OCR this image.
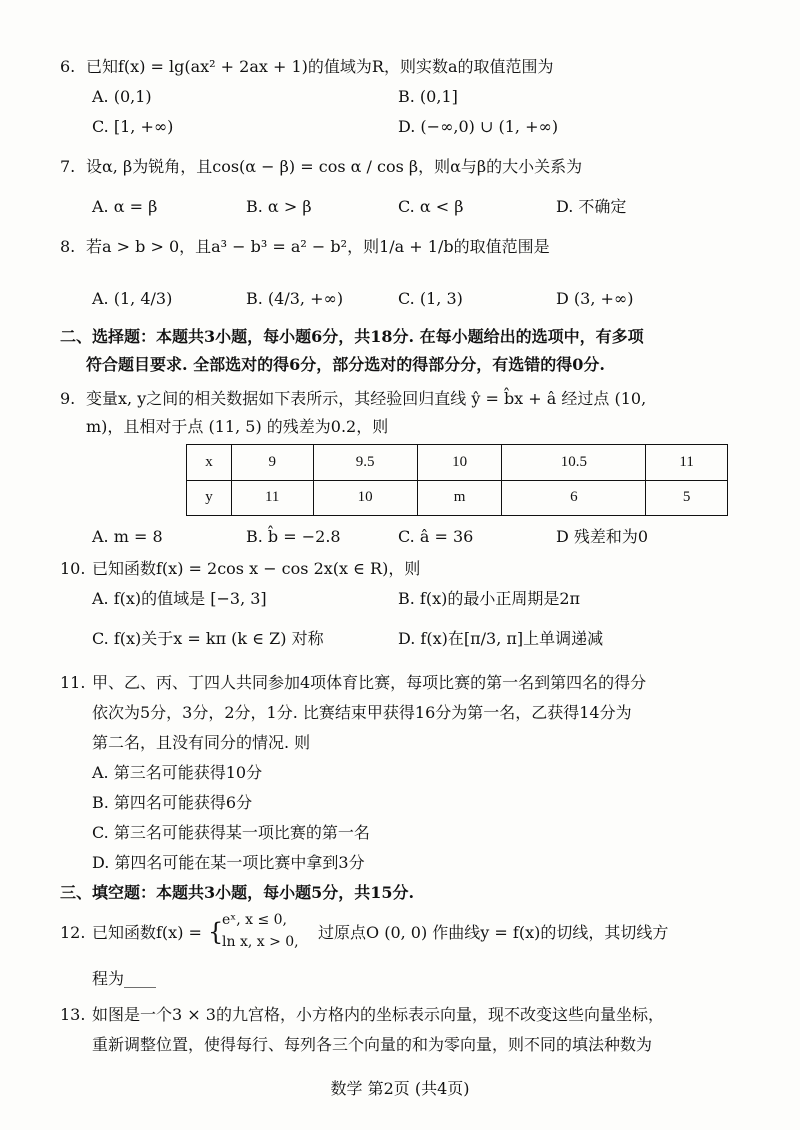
6. 已知f(x) = lg(ax² + 2ax + 1)的值域为R，则实数a的取值范围为
A. (0,1)	B. (0,1]
C. [1, +∞)	D. (−∞,0) ∪ (1, +∞)
7. 设α, β为锐角，且cos(α − β) = cos α / cos β，则α与β的大小关系为
A. α = β	B. α > β	C. α < β	D. 不确定
8. 若a > b > 0，且a³ − b³ = a² − b²，则1/a + 1/b的取值范围是
A. (1, 4/3)	B. (4/3, +∞)	C. (1, 3)	D (3, +∞)
二、选择题：本题共3小题，每小题6分，共18分. 在每小题给出的选项中，有多项
符合题目要求. 全部选对的得6分，部分选对的得部分分，有选错的得0分.
9. 变量x, y之间的相关数据如下表所示，其经验回归直线 ŷ = b̂x + â 经过点 (10,
m)，且相对于点 (11, 5) 的残差为0.2，则
x	9	9.5	10	10.5	11
y	11	10	m	6	5
A. m = 8	B. b̂ = −2.8	C. â = 36	D 残差和为0
10. 已知函数f(x) = 2cos x − cos 2x(x ∈ R)，则
A. f(x)的值域是 [−3, 3]	B. f(x)的最小正周期是2π
C. f(x)关于x = kπ (k ∈ Z) 对称	D. f(x)在[π/3, π]上单调递减
11. 甲、乙、丙、丁四人共同参加4项体育比赛，每项比赛的第一名到第四名的得分
依次为5分，3分，2分，1分. 比赛结束甲获得16分为第一名，乙获得14分为
第二名，且没有同分的情况. 则
A. 第三名可能获得10分
B. 第四名可能获得6分
C. 第三名可能获得某一项比赛的第一名
D. 第四名可能在某一项比赛中拿到3分
三、填空题：本题共3小题，每小题5分，共15分.
12. 已知函数f(x) = {
eˣ, x ≤ 0,
ln x, x > 0, 过原点O (0, 0) 作曲线y = f(x)的切线，其切线方
程为____
13. 如图是一个3 × 3的九宫格，小方格内的坐标表示向量，现不改变这些向量坐标，
重新调整位置，使得每行、每列各三个向量的和为零向量，则不同的填法种数为
数学 第2页 (共4页)
